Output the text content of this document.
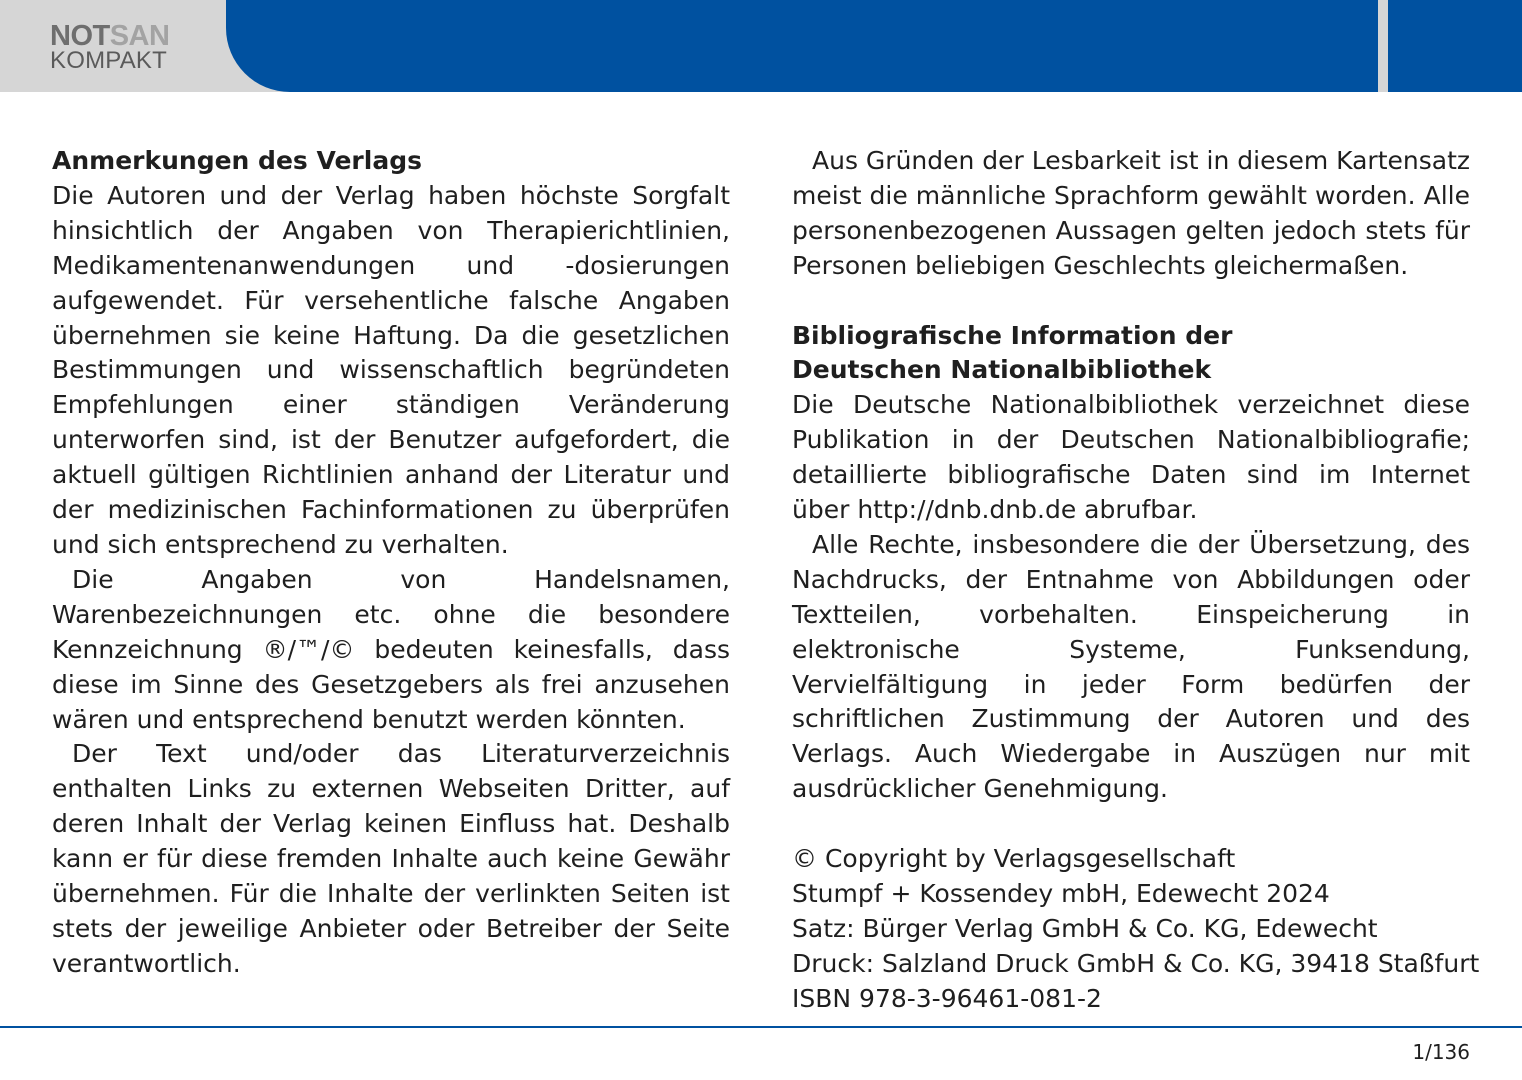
NOTSAN
KOMPAKT
Anmerkungen des Verlags

Die Autoren und der Verlag haben höchste Sorgfalt hinsichtlich der Angaben von Therapierichtlinien, Medikamentenanwendungen und -dosierungen aufgewendet. Für versehentliche falsche Angaben übernehmen sie keine Haftung. Da die gesetzlichen Bestimmungen und wissenschaftlich begründeten Empfehlungen einer ständigen Veränderung unterworfen sind, ist der Benutzer aufgefordert, die aktuell gültigen Richtlinien anhand der Literatur und der medizinischen Fachinformationen zu überprüfen und sich entsprechend zu verhalten.

Die Angaben von Handelsnamen, Warenbezeichnungen etc. ohne die besondere Kennzeichnung ®/™/© bedeuten keinesfalls, dass diese im Sinne des Gesetzgebers als frei anzusehen wären und entsprechend benutzt werden könnten.

Der Text und/oder das Literaturverzeichnis enthalten Links zu externen Webseiten Dritter, auf deren Inhalt der Verlag keinen Einfluss hat. Deshalb kann er für diese fremden Inhalte auch keine Gewähr übernehmen. Für die Inhalte der verlinkten Seiten ist stets der jeweilige Anbieter oder Betreiber der Seite verantwortlich.

Aus Gründen der Lesbarkeit ist in diesem Kartensatz meist die männliche Sprachform gewählt worden. Alle personenbezogenen Aussagen gelten jedoch stets für Personen beliebigen Geschlechts gleichermaßen.

Bibliografische Information der
Deutschen Nationalbibliothek

Die Deutsche Nationalbibliothek verzeichnet diese Publikation in der Deutschen Nationalbibliografie; detaillierte bibliografische Daten sind im Internet über http://dnb.dnb.de abrufbar.

Alle Rechte, insbesondere die der Übersetzung, des Nachdrucks, der Entnahme von Abbildungen oder Textteilen, vorbehalten. Einspeicherung in elektronische Systeme, Funksendung, Vervielfältigung in jeder Form bedürfen der schriftlichen Zustimmung der Autoren und des Verlags. Auch Wiedergabe in Auszügen nur mit ausdrücklicher Genehmigung.

© Copyright by Verlagsgesellschaft
Stumpf + Kossendey mbH, Edewecht 2024
Satz: Bürger Verlag GmbH & Co. KG, Edewecht
Druck: Salzland Druck GmbH & Co. KG, 39418 Staßfurt
ISBN 978-3-96461-081-2
1/136
